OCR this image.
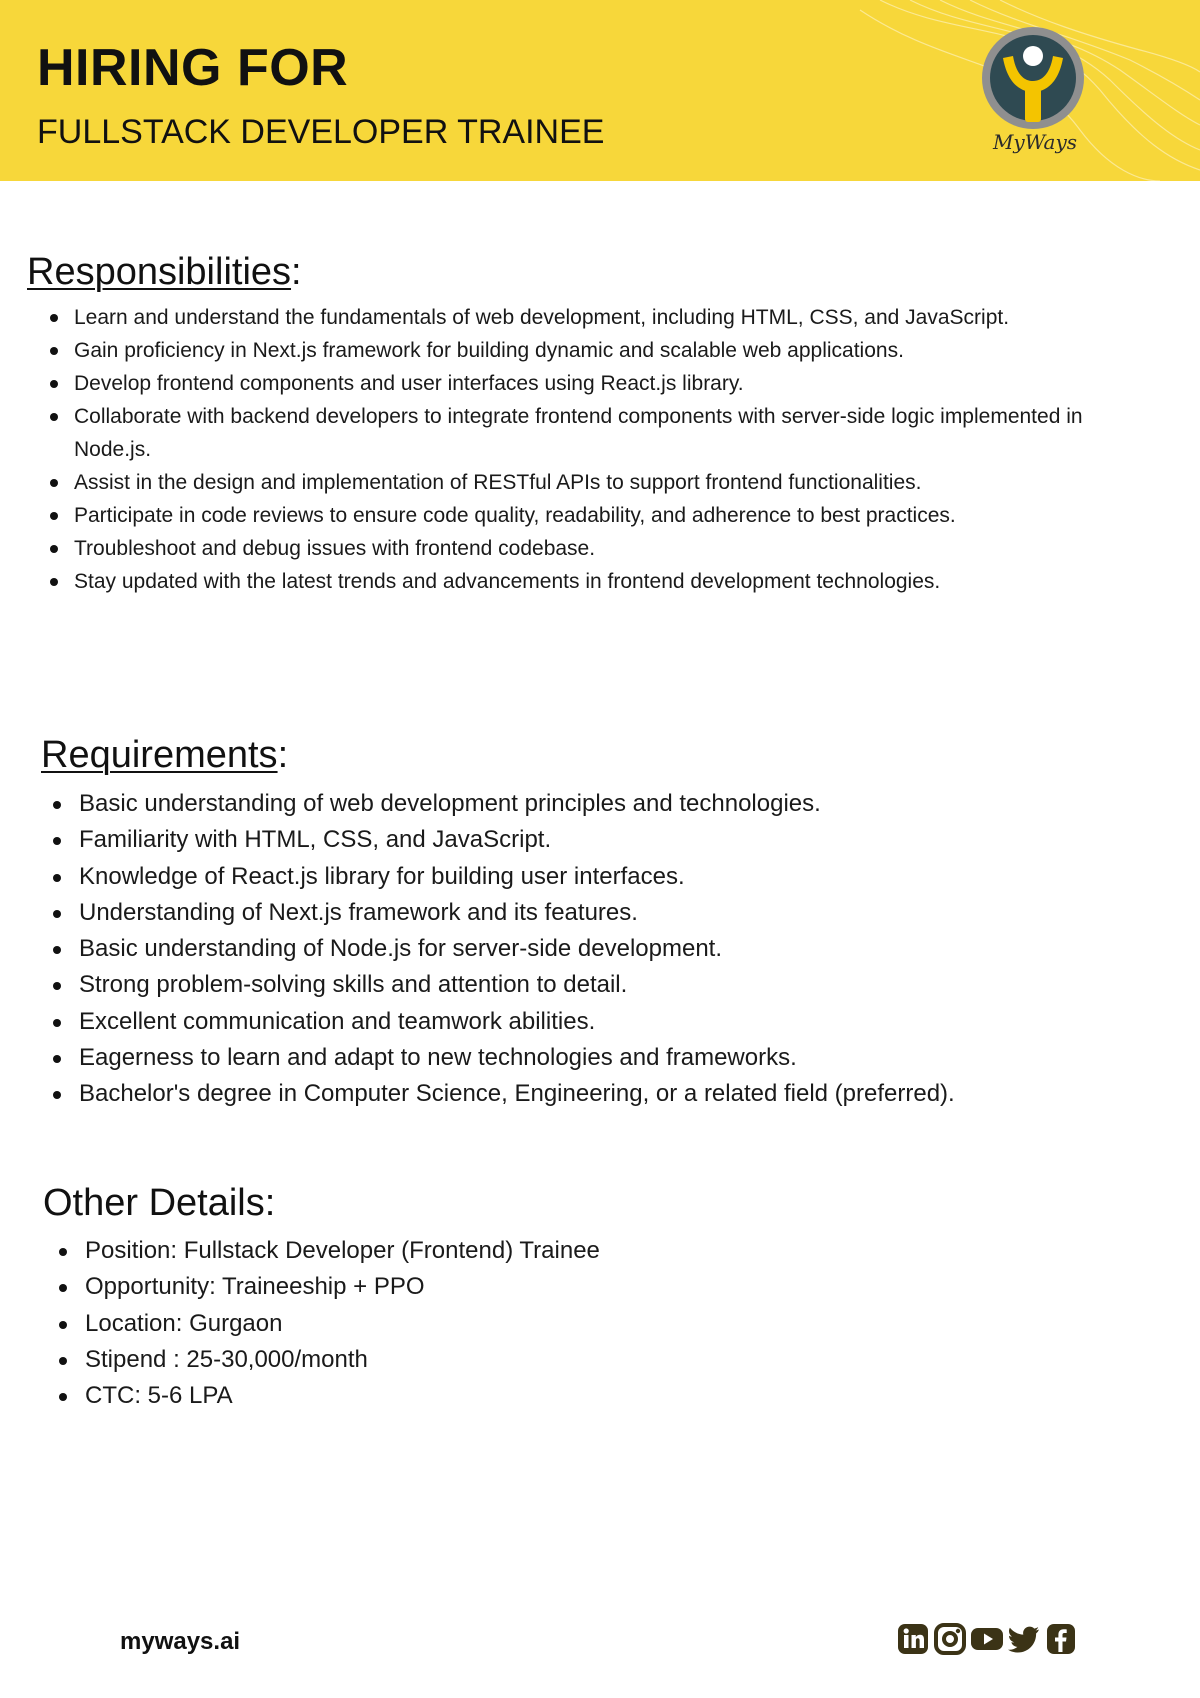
HIRING FOR
FULLSTACK DEVELOPER TRAINEE	MyWays
Responsibilities:
Learn and understand the fundamentals of web development, including HTML, CSS, and JavaScript.
Gain proficiency in Next.js framework for building dynamic and scalable web applications.
Develop frontend components and user interfaces using React.js library.
Collaborate with backend developers to integrate frontend components with server-side logic implemented in Node.js.
Assist in the design and implementation of RESTful APIs to support frontend functionalities.
Participate in code reviews to ensure code quality, readability, and adherence to best practices.
Troubleshoot and debug issues with frontend codebase.
Stay updated with the latest trends and advancements in frontend development technologies.
Requirements:
Basic understanding of web development principles and technologies.
Familiarity with HTML, CSS, and JavaScript.
Knowledge of React.js library for building user interfaces.
Understanding of Next.js framework and its features.
Basic understanding of Node.js for server-side development.
Strong problem-solving skills and attention to detail.
Excellent communication and teamwork abilities.
Eagerness to learn and adapt to new technologies and frameworks.
Bachelor's degree in Computer Science, Engineering, or a related field (preferred).
Other Details:
Position: Fullstack Developer (Frontend) Trainee
Opportunity: Traineeship + PPO
Location: Gurgaon
Stipend : 25-30,000/month
CTC: 5-6 LPA

myways.ai
